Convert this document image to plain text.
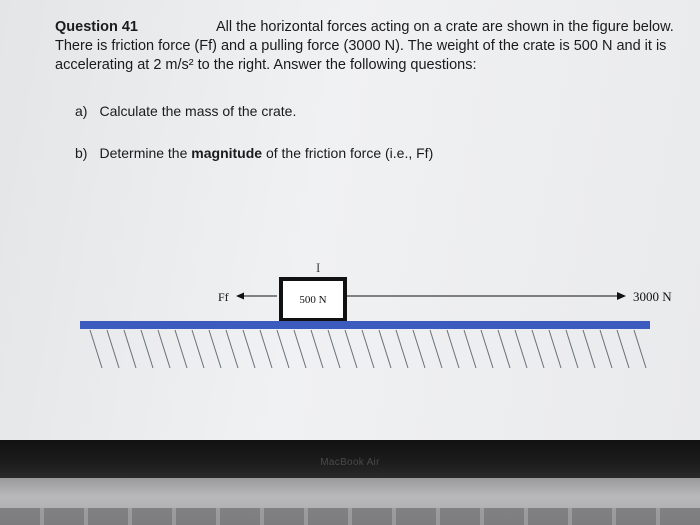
Question 41	All the horizontal forces acting on a crate are shown in the figure below. There is friction force (Ff) and a pulling force (3000 N). The weight of the crate is 500 N and it is accelerating at 2 m/s² to the right. Answer the following questions:
a) Calculate the mass of the crate.
b) Determine the magnitude of the friction force (i.e., Ff)
I
500 N
Ff	3000 N
MacBook Air
